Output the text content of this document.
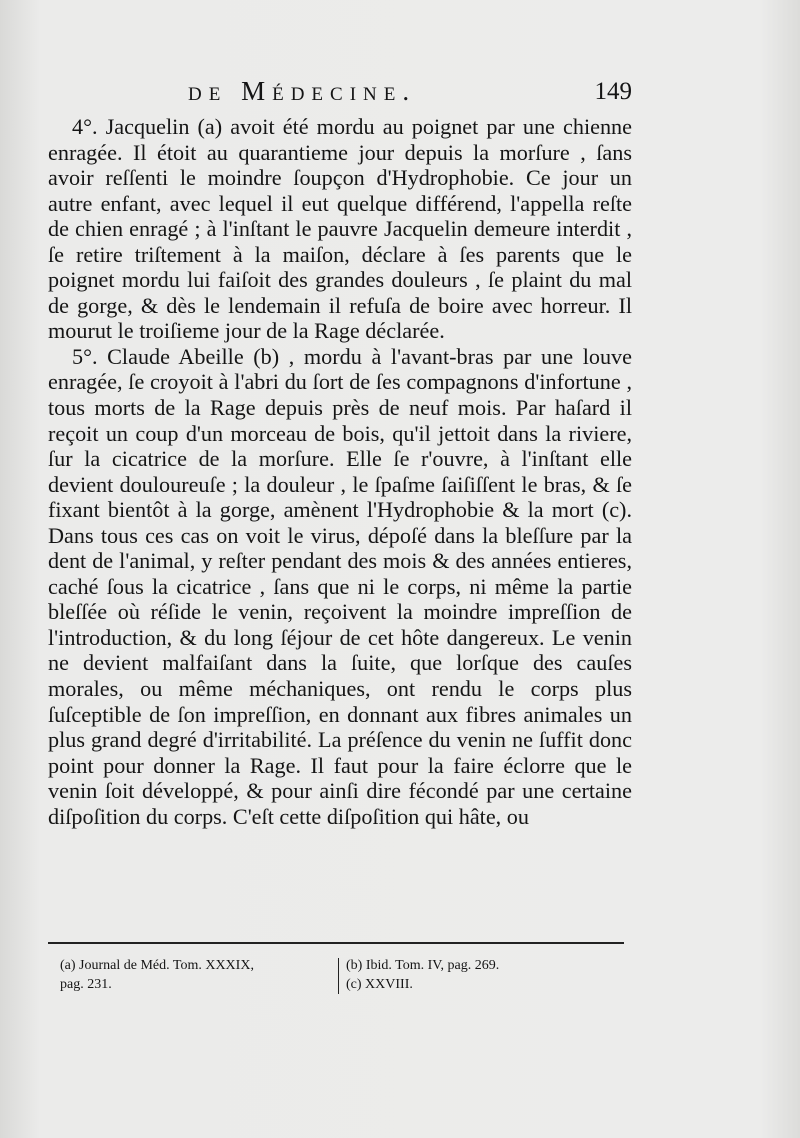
de Médecine.	149

4°. Jacquelin (a) avoit été mordu au poignet par une chienne enragée. Il étoit au quarantieme jour depuis la morſure , ſans avoir reſſenti le moindre ſoupçon d'Hydrophobie. Ce jour un autre enfant, avec lequel il eut quelque différend, l'appella reſte de chien enragé ; à l'inſtant le pauvre Jacquelin demeure interdit , ſe retire triſtement à la maiſon, déclare à ſes parents que le poignet mordu lui faiſoit des grandes douleurs , ſe plaint du mal de gorge, & dès le lendemain il refuſa de boire avec horreur. Il mourut le troiſieme jour de la Rage déclarée.

5°. Claude Abeille (b) , mordu à l'avant-bras par une louve enragée, ſe croyoit à l'abri du ſort de ſes compagnons d'infortune , tous morts de la Rage depuis près de neuf mois. Par haſard il reçoit un coup d'un morceau de bois, qu'il jettoit dans la riviere, ſur la cicatrice de la morſure. Elle ſe r'ouvre, à l'inſtant elle devient douloureuſe ; la douleur , le ſpaſme ſaiſiſſent le bras, & ſe fixant bientôt à la gorge, amènent l'Hydrophobie & la mort (c). Dans tous ces cas on voit le virus, dépoſé dans la bleſſure par la dent de l'animal, y reſter pendant des mois & des années entieres, caché ſous la cicatrice , ſans que ni le corps, ni même la partie bleſſée où réſide le venin, reçoivent la moindre impreſſion de l'introduction, & du long ſéjour de cet hôte dangereux. Le venin ne devient malfaiſant dans la ſuite, que lorſque des cauſes morales, ou même méchaniques, ont rendu le corps plus ſuſceptible de ſon impreſſion, en donnant aux fibres animales un plus grand degré d'irritabilité. La préſence du venin ne ſuffit donc point pour donner la Rage. Il faut pour la faire éclorre que le venin ſoit développé, & pour ainſi dire fécondé par une certaine diſpoſition du corps. C'eſt cette diſpoſition qui hâte, ou

(a) Journal de Méd. Tom. XXXIX,
pag. 231.
(b) Ibid. Tom. IV, pag. 269.
(c) XXVIII.
